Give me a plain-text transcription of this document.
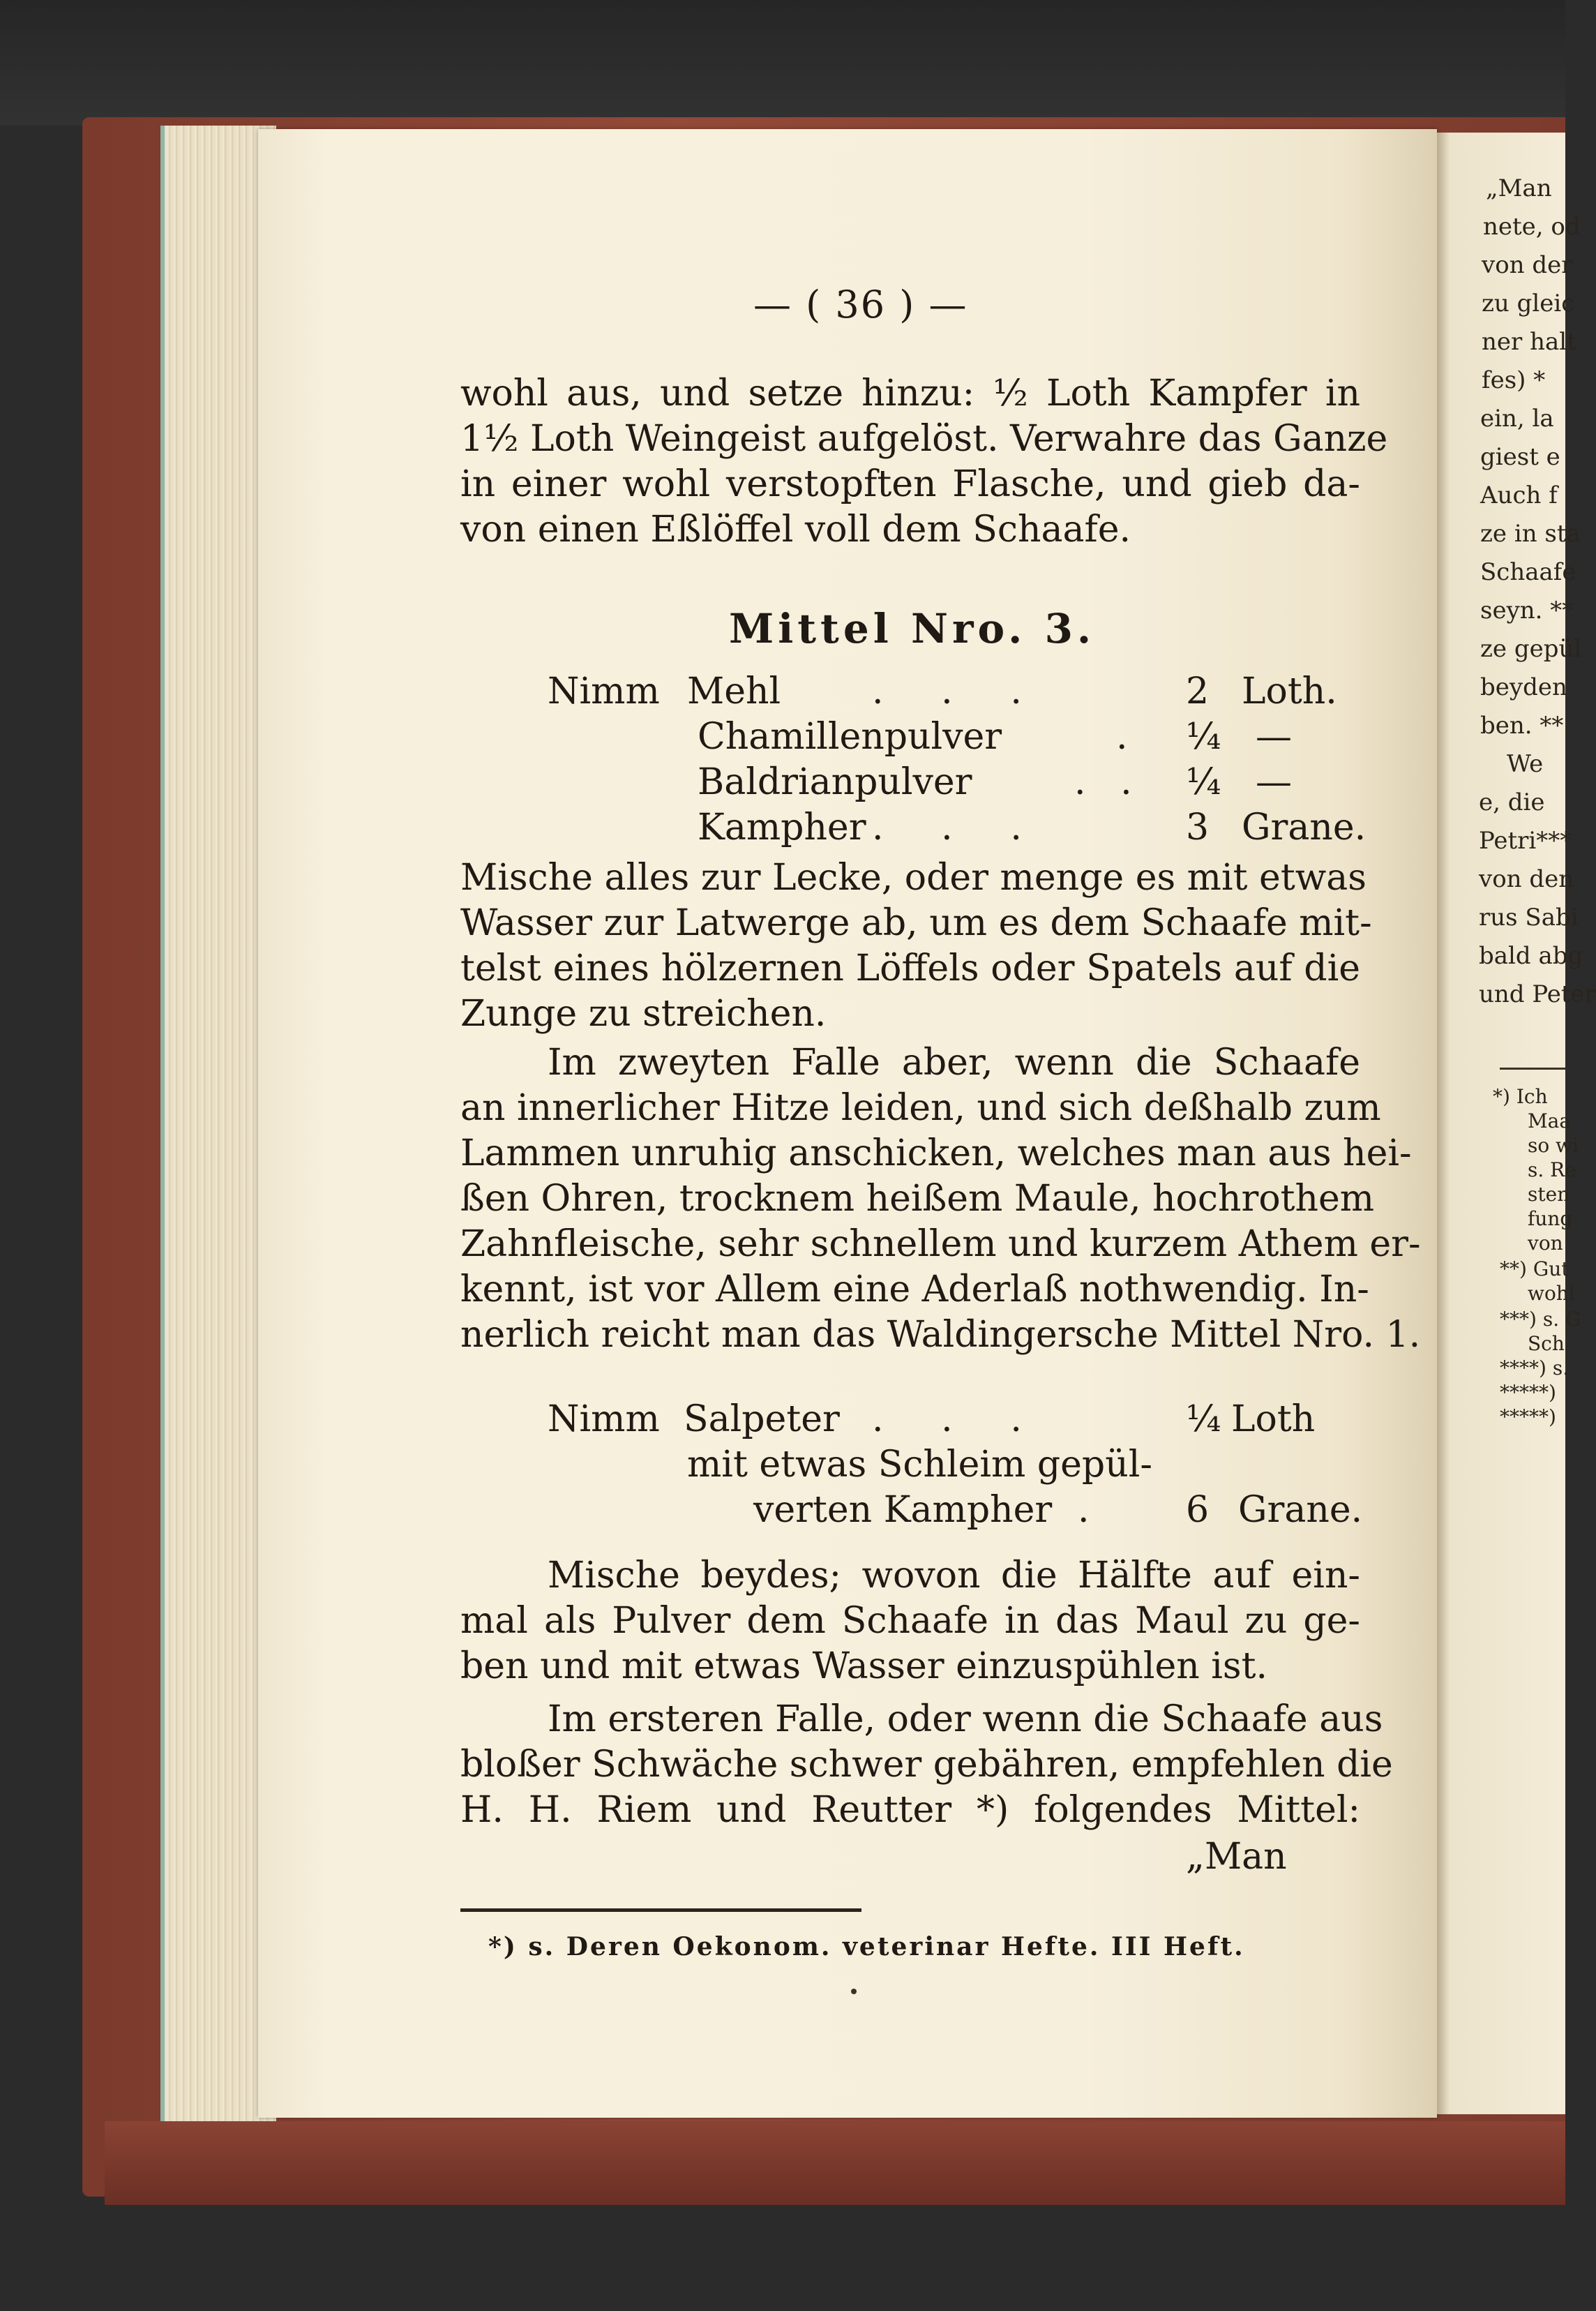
„Man
nete, od
von der
zu gleic
ner halt
fes) *
ein, la
giest e
Auch f
ze in sta
Schaafe
seyn. **
ze gepül
beyden
ben. **
We
e, die
Petri***
von den
rus Sabi
bald abg
und Peter
*) Ich
Maa
so wi
s. Re
sten
fung
von
**) Gut
wohl
***) s. G
Sch
****) s.
*****)
*****)
— ( 36 ) —
wohl aus, und setze hinzu: ½ Loth Kampfer in
1½ Loth Weingeist aufgelöst. Verwahre das Ganze
in einer wohl verstopften Flasche, und gieb da-
von einen Eßlöffel voll dem Schaafe.
Mittel Nro. 3.
Nimm Mehl	.     .     .	2 Loth.
Chamillenpulver	. ¼ —
Baldrianpulver	.   . ¼ —
Kampher .     .     .	3 Grane.
Mische alles zur Lecke, oder menge es mit etwas
Wasser zur Latwerge ab, um es dem Schaafe mit-
telst eines hölzernen Löffels oder Spatels auf die
Zunge zu streichen.
Im zweyten Falle aber, wenn die Schaafe
an innerlicher Hitze leiden, und sich deßhalb zum
Lammen unruhig anschicken, welches man aus hei-
ßen Ohren, trocknem heißem Maule, hochrothem
Zahnfleische, sehr schnellem und kurzem Athem er-
kennt, ist vor Allem eine Aderlaß nothwendig. In-
nerlich reicht man das Waldingersche Mittel Nro. 1.
Nimm Salpeter .     .     .	¼ Loth
mit etwas Schleim gepül-
verten Kampher .	6 Grane.
Mische beydes; wovon die Hälfte auf ein-
mal als Pulver dem Schaafe in das Maul zu ge-
ben und mit etwas Wasser einzuspühlen ist.
Im ersteren Falle, oder wenn die Schaafe aus
bloßer Schwäche schwer gebähren, empfehlen die
H. H. Riem und Reutter *) folgendes Mittel:
„Man
*) s. Deren Oekonom. veterinar Hefte. III Heft.
